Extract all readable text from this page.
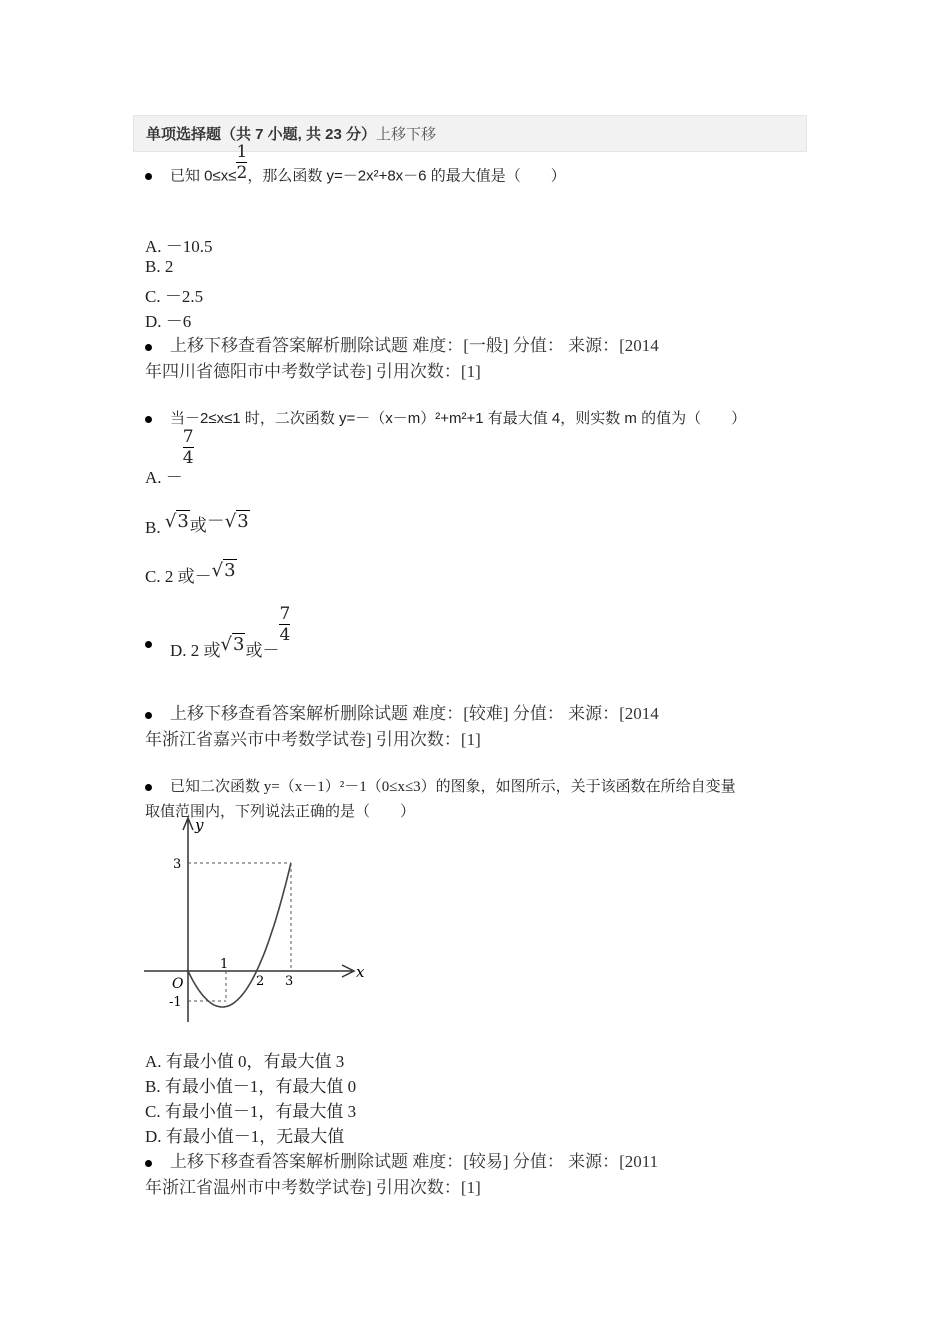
单项选择题（共 7 小题, 共 23 分）上移下移
已知 $0\le x\le \frac{1}{2}$ ，那么函数 y=－2x²+8x－6 的最大值是（　　）
A. －10.5
B. 2
C. －2.5
D. －6
上移下移查看答案解析删除试题 难度：[一般] 分值： 来源：[2014
年四川省德阳市中考数学试卷] 引用次数：[1]
当－2≤x≤1 时，二次函数 y=－（x－m）²+m²+1 有最大值 4，则实数 m 的值为（　　）
A. －
$\frac{7}{4}$
B. √3或－√3
C. 2 或－√3
D. 2 或√3或－
$\frac{7}{4}$
上移下移查看答案解析删除试题 难度：[较难] 分值： 来源：[2014
年浙江省嘉兴市中考数学试卷] 引用次数：[1]
已知二次函数 y=（x－1）²－1（0≤x≤3）的图象，如图所示，关于该函数在所给自变量
取值范围内，下列说法正确的是（　　）
y
x
O
1
2 3
3
-1
A. 有最小值 0，有最大值 3
B. 有最小值－1，有最大值 0
C. 有最小值－1，有最大值 3
D. 有最小值－1，无最大值
上移下移查看答案解析删除试题 难度：[较易] 分值： 来源：[2011
年浙江省温州市中考数学试卷] 引用次数：[1]
